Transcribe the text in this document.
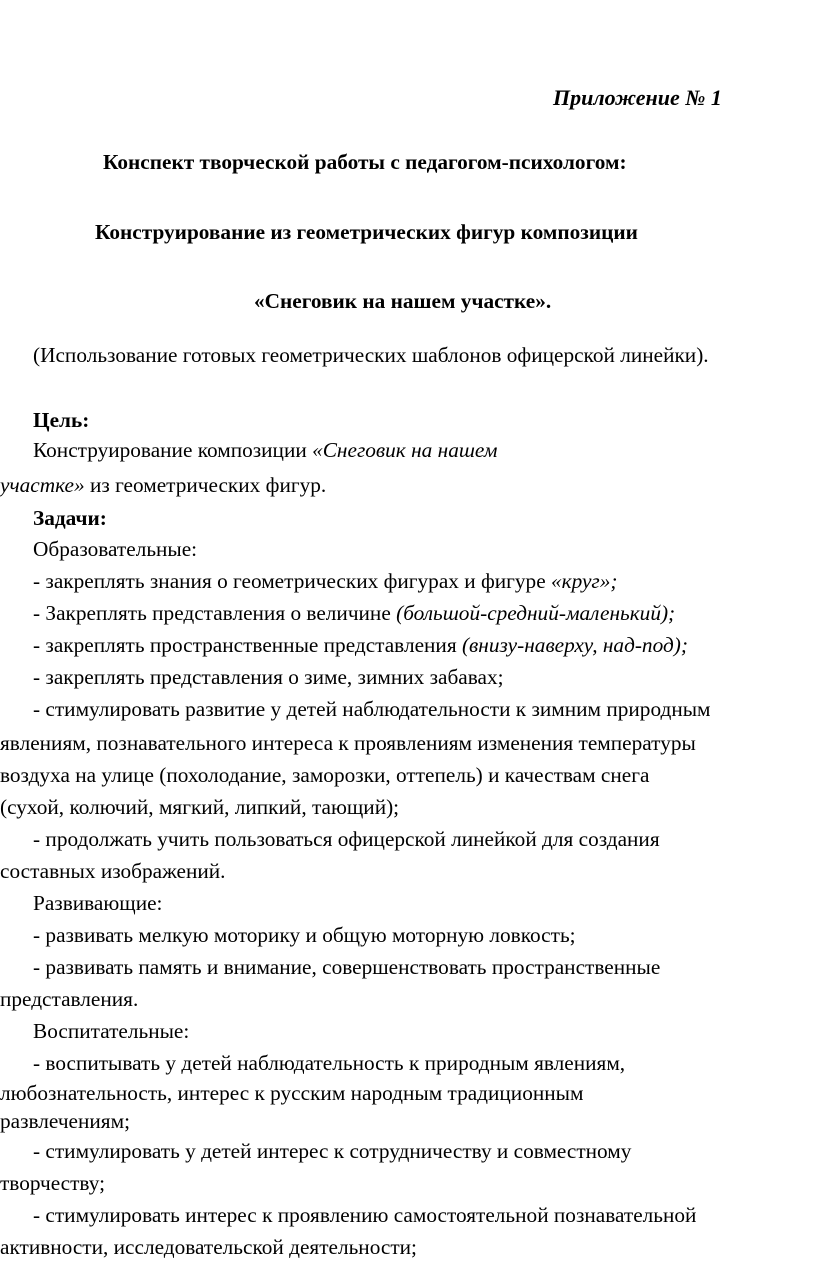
Приложение № 1
Конспект творческой работы с педагогом-психологом:
Конструирование из геометрических фигур композиции
«Снеговик на нашем участке».
(Использование готовых геометрических шаблонов офицерской линейки).
Цель:
Конструирование композиции «Снеговик на нашем
участке» из геометрических фигур.
Задачи:
Образовательные:
- закреплять знания о геометрических фигурах и фигуре «круг»;
- Закреплять представления о величине (большой-средний-маленький);
- закреплять пространственные представления (внизу-наверху, над-под);
- закреплять представления о зиме, зимних забавах;
- стимулировать развитие у детей наблюдательности к зимним природным
явлениям, познавательного интереса к проявлениям изменения температуры
воздуха на улице (похолодание, заморозки, оттепель) и качествам снега
(сухой, колючий, мягкий, липкий, тающий);
- продолжать учить пользоваться офицерской линейкой для создания
составных изображений.
Развивающие:
- развивать мелкую моторику и общую моторную ловкость;
- развивать память и внимание, совершенствовать пространственные
представления.
Воспитательные:
- воспитывать у детей наблюдательность к природным явлениям,
любознательность, интерес к русским народным традиционным
развлечениям;
- стимулировать у детей интерес к сотрудничеству и совместному
творчеству;
- стимулировать интерес к проявлению самостоятельной познавательной
активности, исследовательской деятельности;
